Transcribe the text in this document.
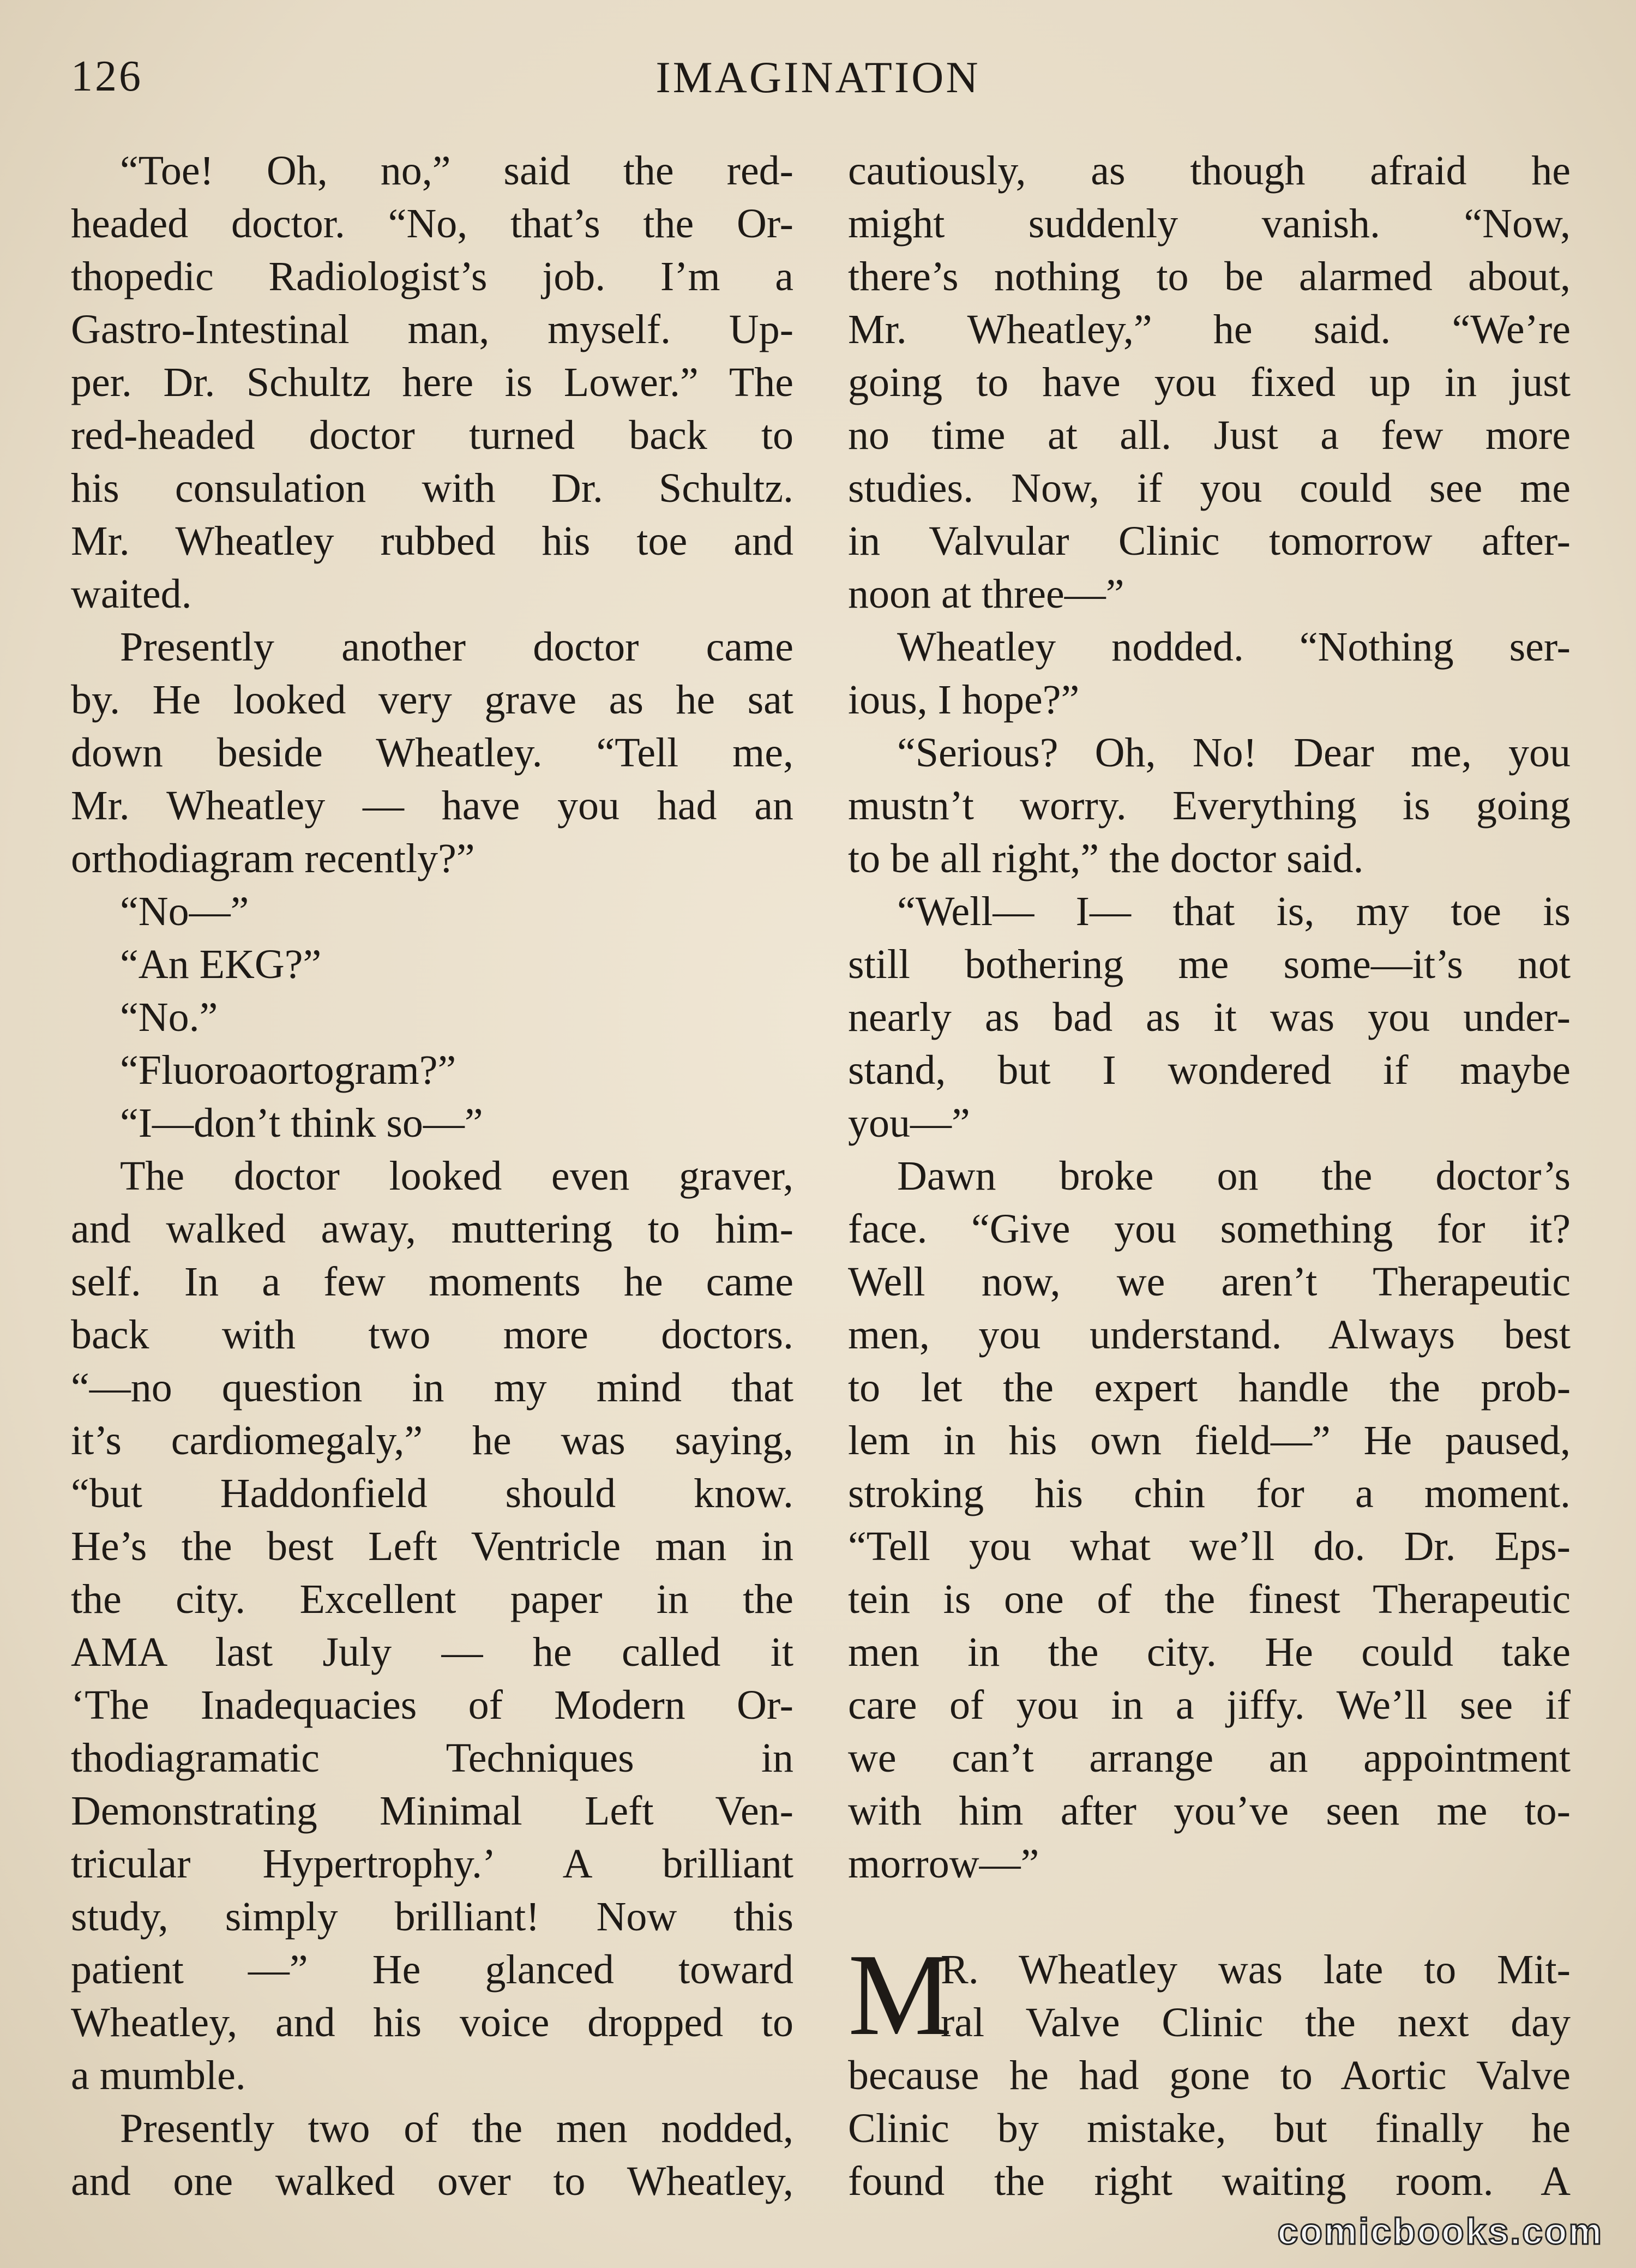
126	IMAGINATION
“Toe! Oh, no,” said the red-
headed doctor. “No, that’s the Or-
thopedic Radiologist’s job. I’m a
Gastro-Intestinal man, myself. Up-
per. Dr. Schultz here is Lower.” The
red-headed doctor turned back to
his consulation with Dr. Schultz.
Mr. Wheatley rubbed his toe and
waited.
Presently another doctor came
by. He looked very grave as he sat
down beside Wheatley. “Tell me,
Mr. Wheatley — have you had an
orthodiagram recently?”
“No—”
“An EKG?”
“No.”
“Fluoroaortogram?”
“I—don’t think so—”
The doctor looked even graver,
and walked away, muttering to him-
self. In a few moments he came
back with two more doctors.
“—no question in my mind that
it’s cardiomegaly,” he was saying,
“but Haddonfield should know.
He’s the best Left Ventricle man in
the city. Excellent paper in the
AMA last July — he called it
‘The Inadequacies of Modern Or-
thodiagramatic Techniques in
Demonstrating Minimal Left Ven-
tricular Hypertrophy.’ A brilliant
study, simply brilliant! Now this
patient —” He glanced toward
Wheatley, and his voice dropped to
a mumble.
Presently two of the men nodded,
and one walked over to Wheatley,
cautiously, as though afraid he
might suddenly vanish. “Now,
there’s nothing to be alarmed about,
Mr. Wheatley,” he said. “We’re
going to have you fixed up in just
no time at all. Just a few more
studies. Now, if you could see me
in Valvular Clinic tomorrow after-
noon at three—”
Wheatley nodded. “Nothing ser-
ious, I hope?”
“Serious? Oh, No! Dear me, you
mustn’t worry. Everything is going
to be all right,” the doctor said.
“Well— I— that is, my toe is
still bothering me some—it’s not
nearly as bad as it was you under-
stand, but I wondered if maybe
you—”
Dawn broke on the doctor’s
face. “Give you something for it?
Well now, we aren’t Therapeutic
men, you understand. Always best
to let the expert handle the prob-
lem in his own field—” He paused,
stroking his chin for a moment.
“Tell you what we’ll do. Dr. Eps-
tein is one of the finest Therapeutic
men in the city. He could take
care of you in a jiffy. We’ll see if
we can’t arrange an appointment
with him after you’ve seen me to-
morrow—”
M
R. Wheatley was late to Mit-
ral Valve Clinic the next day
because he had gone to Aortic Valve
Clinic by mistake, but finally he
found the right waiting room. A
comicbooks.com
